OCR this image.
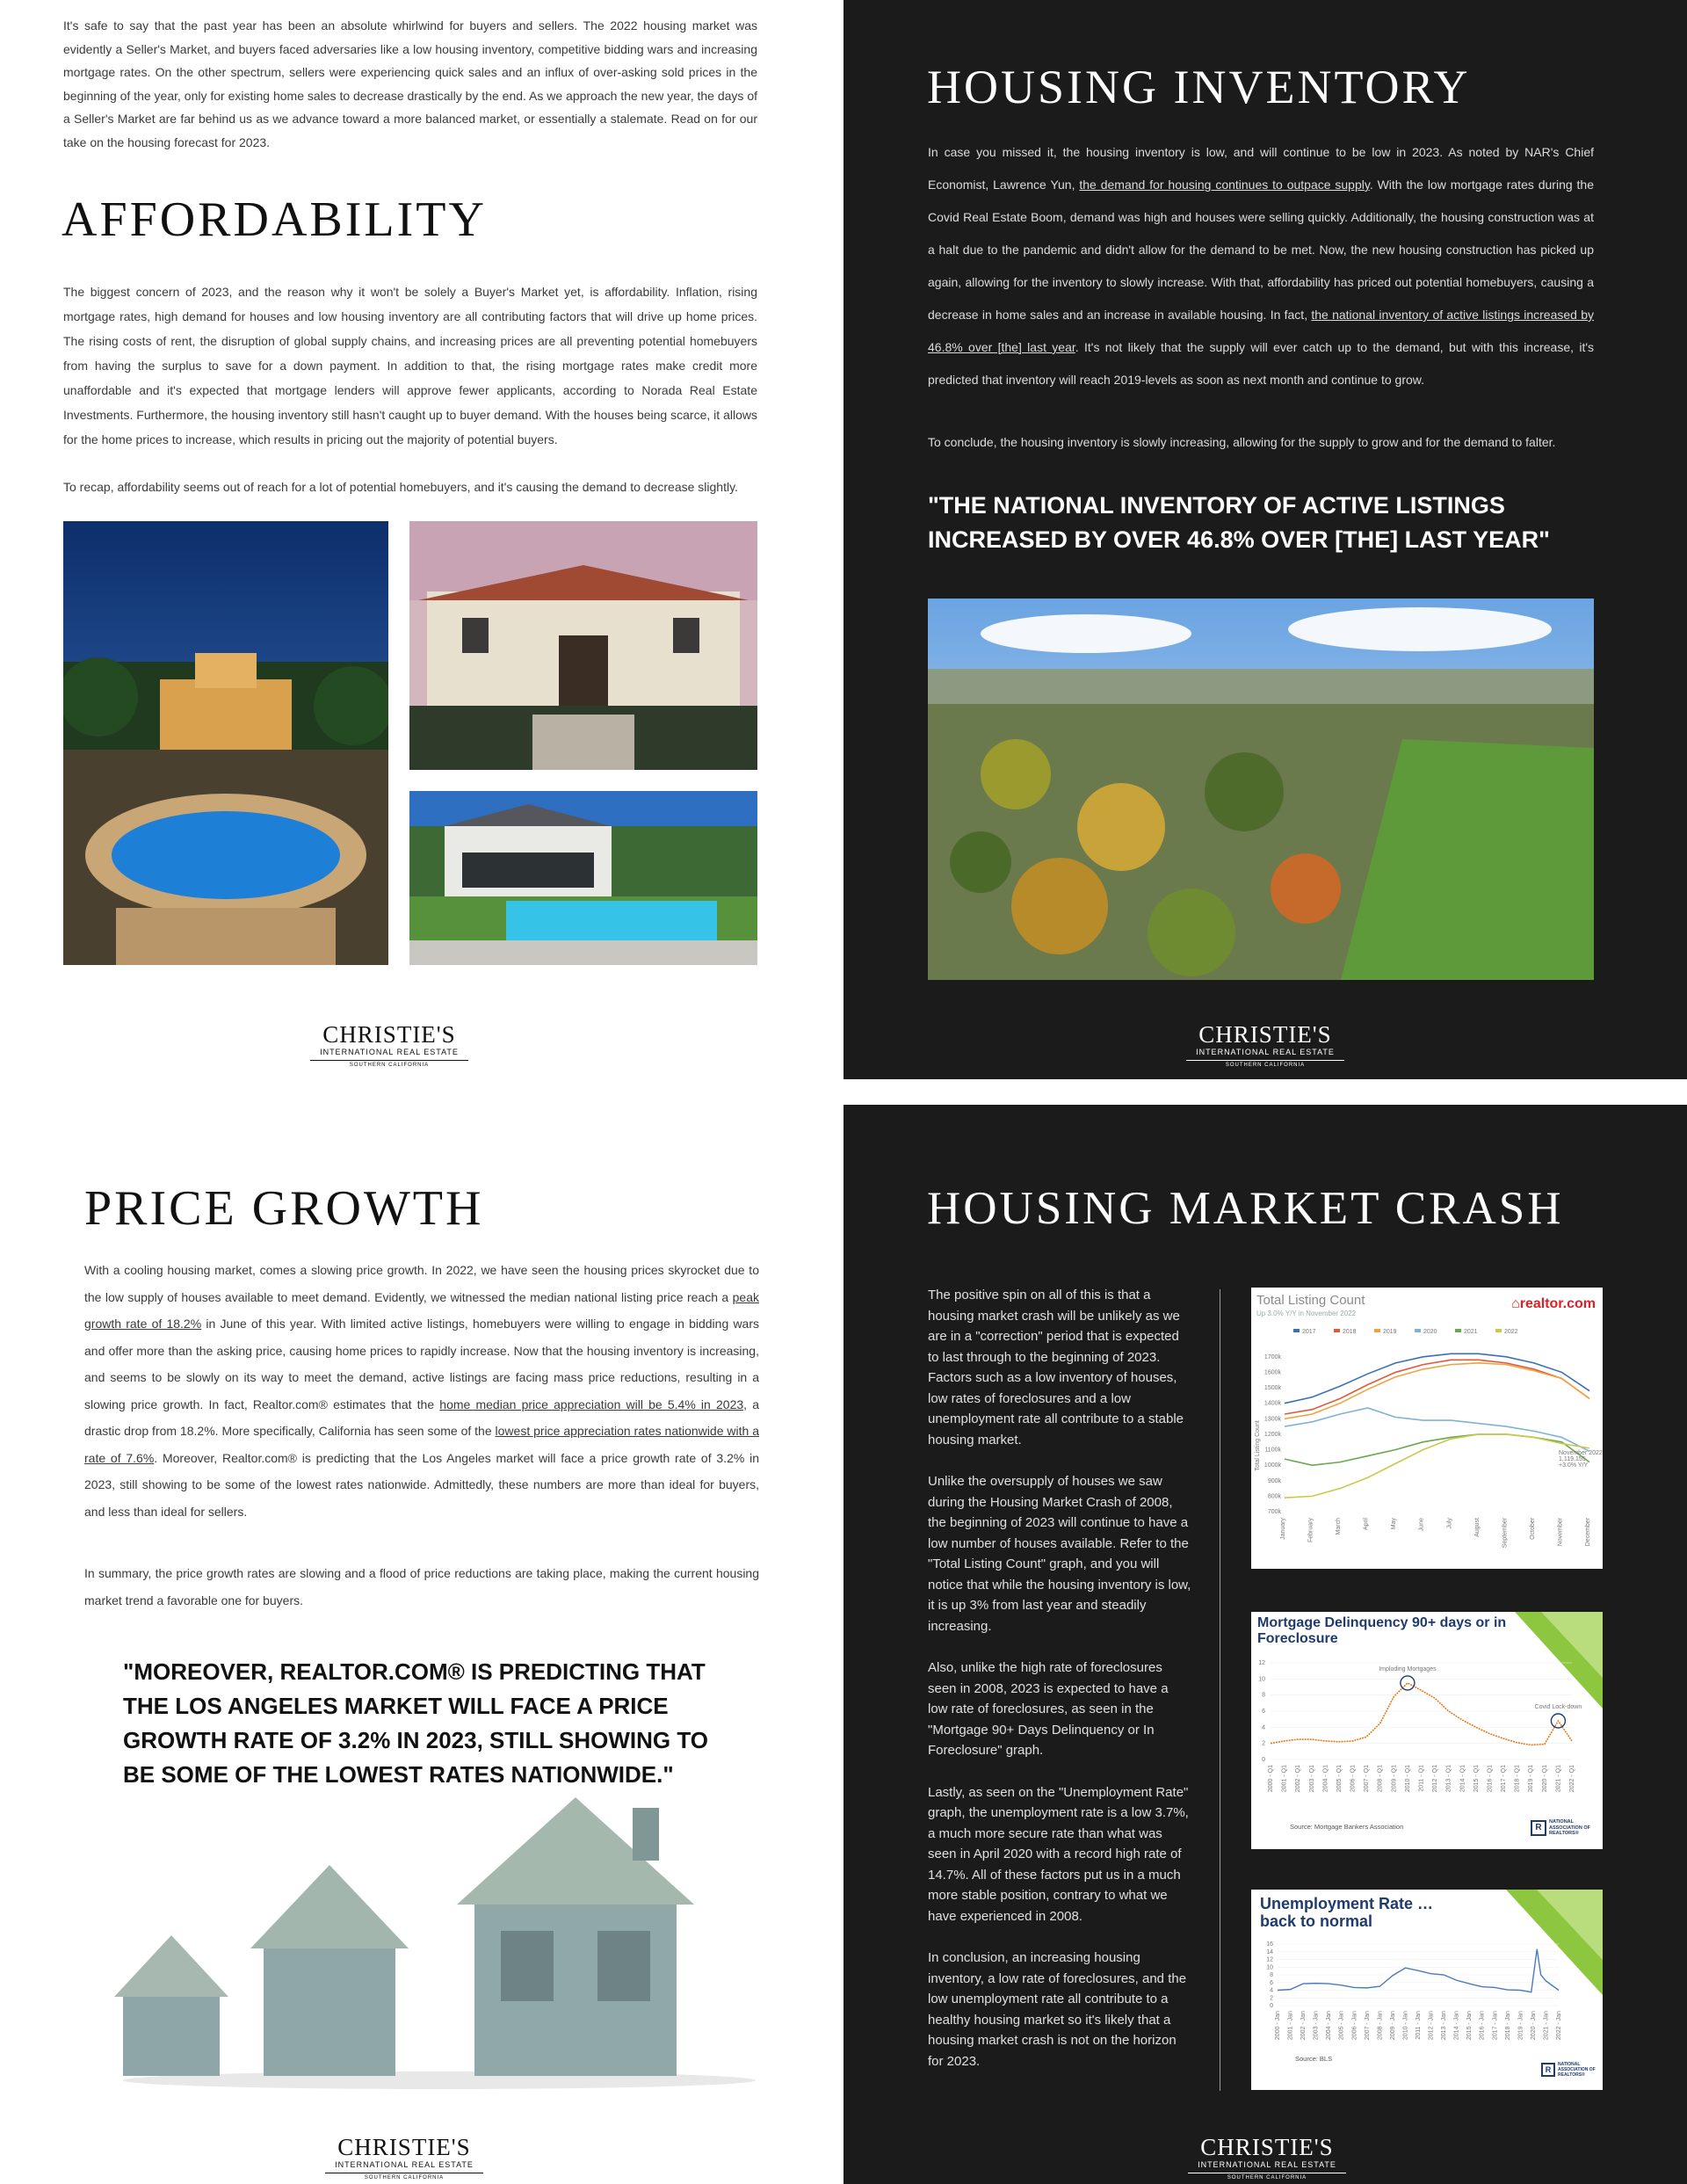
It's safe to say that the past year has been an absolute whirlwind for buyers and sellers. The 2022 housing market was evidently a Seller's Market, and buyers faced adversaries like a low housing inventory, competitive bidding wars and increasing mortgage rates. On the other spectrum, sellers were experiencing quick sales and an influx of over-asking sold prices in the beginning of the year, only for existing home sales to decrease drastically by the end. As we approach the new year, the days of a Seller's Market are far behind us as we advance toward a more balanced market, or essentially a stalemate. Read on for our take on the housing forecast for 2023.

AFFORDABILITY

The biggest concern of 2023, and the reason why it won't be solely a Buyer's Market yet, is affordability. Inflation, rising mortgage rates, high demand for houses and low housing inventory are all contributing factors that will drive up home prices. The rising costs of rent, the disruption of global supply chains, and increasing prices are all preventing potential homebuyers from having the surplus to save for a down payment. In addition to that, the rising mortgage rates make credit more unaffordable and it's expected that mortgage lenders will approve fewer applicants, according to Norada Real Estate Investments. Furthermore, the housing inventory still hasn't caught up to buyer demand. With the houses being scarce, it allows for the home prices to increase, which results in pricing out the majority of potential buyers.

To recap, affordability seems out of reach for a lot of potential homebuyers, and it's causing the demand to decrease slightly.

CHRISTIE'S
INTERNATIONAL REAL ESTATE
SOUTHERN CALIFORNIA
HOUSING INVENTORY

In case you missed it, the housing inventory is low, and will continue to be low in 2023. As noted by NAR's Chief Economist, Lawrence Yun, the demand for housing continues to outpace supply. With the low mortgage rates during the Covid Real Estate Boom, demand was high and houses were selling quickly. Additionally, the housing construction was at a halt due to the pandemic and didn't allow for the demand to be met. Now, the new housing construction has picked up again, allowing for the inventory to slowly increase. With that, affordability has priced out potential homebuyers, causing a decrease in home sales and an increase in available housing. In fact, the national inventory of active listings increased by 46.8% over [the] last year. It's not likely that the supply will ever catch up to the demand, but with this increase, it's predicted that inventory will reach 2019-levels as soon as next month and continue to grow.

To conclude, the housing inventory is slowly increasing, allowing for the supply to grow and for the demand to falter.

"THE NATIONAL INVENTORY OF ACTIVE LISTINGS INCREASED BY OVER 46.8% OVER [THE] LAST YEAR"

CHRISTIE'S
INTERNATIONAL REAL ESTATE
SOUTHERN CALIFORNIA
PRICE GROWTH

With a cooling housing market, comes a slowing price growth. In 2022, we have seen the housing prices skyrocket due to the low supply of houses available to meet demand. Evidently, we witnessed the median national listing price reach a peak growth rate of 18.2% in June of this year. With limited active listings, homebuyers were willing to engage in bidding wars and offer more than the asking price, causing home prices to rapidly increase. Now that the housing inventory is increasing, and seems to be slowly on its way to meet the demand, active listings are facing mass price reductions, resulting in a slowing price growth. In fact, Realtor.com® estimates that the home median price appreciation will be 5.4% in 2023, a drastic drop from 18.2%. More specifically, California has seen some of the lowest price appreciation rates nationwide with a rate of 7.6%. Moreover, Realtor.com® is predicting that the Los Angeles market will face a price growth rate of 3.2% in 2023, still showing to be some of the lowest rates nationwide. Admittedly, these numbers are more than ideal for buyers, and less than ideal for sellers.

In summary, the price growth rates are slowing and a flood of price reductions are taking place, making the current housing market trend a favorable one for buyers.

"MOREOVER, REALTOR.COM® IS PREDICTING THAT THE LOS ANGELES MARKET WILL FACE A PRICE GROWTH RATE OF 3.2% IN 2023, STILL SHOWING TO BE SOME OF THE LOWEST RATES NATIONWIDE."

CHRISTIE'S
INTERNATIONAL REAL ESTATE
SOUTHERN CALIFORNIA
HOUSING MARKET CRASH

The positive spin on all of this is that a housing market crash will be unlikely as we are in a "correction" period that is expected to last through to the beginning of 2023. Factors such as a low inventory of houses, low rates of foreclosures and a low unemployment rate all contribute to a stable housing market.

Unlike the oversupply of houses we saw during the Housing Market Crash of 2008, the beginning of 2023 will continue to have a low number of houses available. Refer to the "Total Listing Count" graph, and you will notice that while the housing inventory is low, it is up 3% from last year and steadily increasing.

Also, unlike the high rate of foreclosures seen in 2008, 2023 is expected to have a low rate of foreclosures, as seen in the "Mortgage 90+ Days Delinquency or In Foreclosure" graph.

Lastly, as seen on the "Unemployment Rate" graph, the unemployment rate is a low 3.7%, a much more secure rate than what was seen in April 2020 with a record high rate of 14.7%. All of these factors put us in a much more stable position, contrary to what we have experienced in 2008.

In conclusion, an increasing housing inventory, a low rate of foreclosures, and the low unemployment rate all contribute to a healthy housing market so it's likely that a housing market crash is not on the horizon for 2023.

Total Listing Count
Up 3.0% Y/Y in November 2022
⌂realtor.com
2017	2018	2019	2020	2021	2022
1700k
1600k
1500k
1400k
1300k
1200k
1100k
1000k
900k
800k
700k
Total Listing Count
January	February	March	April	May	June	July	August	September	October	November	December
November 2022
1,119,155
+3.0% Y/Y
Mortgage Delinquency 90+ days or in Foreclosure
12
10
8
6
4
2
0
2000 - Q1 2001 - Q1 2002 - Q1 2003 - Q1 2004 - Q1 2005 - Q1 2006 - Q1 2007 - Q1 2008 - Q1 2009 - Q1 2010 - Q1 2011 - Q1 2012 - Q1 2013 - Q1 2014 - Q1 2015 - Q1 2016 - Q1 2017 - Q1 2018 - Q1 2019 - Q1 2020 - Q1 2021 - Q1 2022 - Q1
Imploding Mortgages
Covid Lock-down
Source: Mortgage Bankers Association	R
NATIONAL
ASSOCIATION OF
REALTORS®
Unemployment Rate … back to normal
16
14
12
10
8
6
4
2
0
2000 - Jan 2001 - Jan 2002 - Jan 2003 - Jan 2004 - Jan 2005 - Jan 2006 - Jan 2007 - Jan 2008 - Jan 2009 - Jan 2010 - Jan 2011 - Jan 2012 - Jan 2013 - Jan 2014 - Jan 2015 - Jan 2016 - Jan 2017 - Jan 2018 - Jan 2019 - Jan 2020 - Jan 2021 - Jan 2022 - Jan
Source: BLS
R
NATIONAL
ASSOCIATION OF
REALTORS®
CHRISTIE'S
INTERNATIONAL REAL ESTATE
SOUTHERN CALIFORNIA
